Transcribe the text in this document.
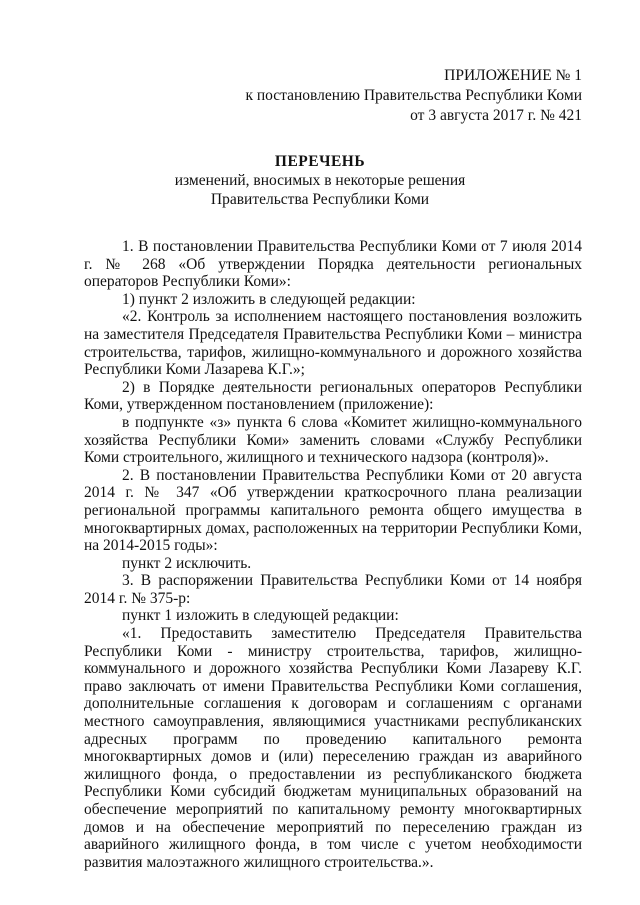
ПРИЛОЖЕНИЕ № 1
к постановлению Правительства Республики Коми
от 3 августа 2017 г. № 421
ПЕРЕЧЕНЬ
изменений, вносимых в некоторые решения
Правительства Республики Коми

1. В постановлении Правительства Республики Коми от 7 июля 2014 г. № 268 «Об утверждении Порядка деятельности региональных операторов Республики Коми»:

1) пункт 2 изложить в следующей редакции:

«2. Контроль за исполнением настоящего постановления возложить на заместителя Председателя Правительства Республики Коми – министра строительства, тарифов, жилищно-коммунального и дорожного хозяйства Республики Коми Лазарева К.Г.»;

2) в Порядке деятельности региональных операторов Республики Коми, утвержденном постановлением (приложение):

в подпункте «з» пункта 6 слова «Комитет жилищно-коммунального хозяйства Республики Коми» заменить словами «Службу Республики Коми строительного, жилищного и технического надзора (контроля)».

2. В постановлении Правительства Республики Коми от 20 августа 2014 г. № 347 «Об утверждении краткосрочного плана реализации региональной программы капитального ремонта общего имущества в многоквартирных домах, расположенных на территории Республики Коми, на 2014-2015 годы»:

пункт 2 исключить.

3. В распоряжении Правительства Республики Коми от 14 ноября 2014 г. № 375-р:

пункт 1 изложить в следующей редакции:

«1. Предоставить заместителю Председателя Правительства Республики Коми - министру строительства, тарифов, жилищно-коммунального и дорожного хозяйства Республики Коми Лазареву К.Г. право заключать от имени Правительства Республики Коми соглашения, дополнительные соглашения к договорам и соглашениям с органами местного самоуправления, являющимися участниками республиканских адресных программ по проведению капитального ремонта многоквартирных домов и (или) переселению граждан из аварийного жилищного фонда, о предоставлении из республиканского бюджета Республики Коми субсидий бюджетам муниципальных образований на обеспечение мероприятий по капитальному ремонту многоквартирных домов и на обеспечение мероприятий по переселению граждан из аварийного жилищного фонда, в том числе с учетом необходимости развития малоэтажного жилищного строительства.».
